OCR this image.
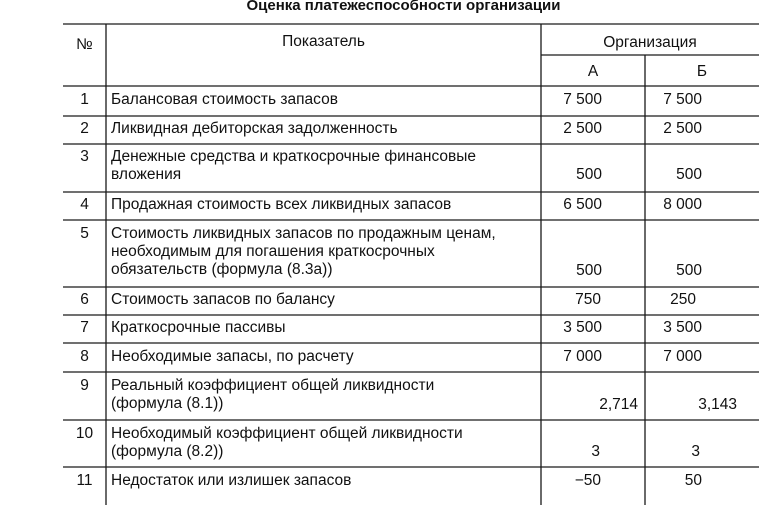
Оценка платежеспособности организации
№	Показатель	Организация
А	Б
1	Балансовая стоимость запасов	7 500	7 500
2	Ликвидная дебиторская задолженность	2 500	2 500
3	Денежные средства и краткосрочные финансовые
вложения	500	500
4	Продажная стоимость всех ликвидных запасов	6 500	8 000
5	Стоимость ликвидных запасов по продажным ценам,
необходимым для погашения краткосрочных
обязательств (формула (8.3а))	500	500
6	Стоимость запасов по балансу	750	250
7	Краткосрочные пассивы	3 500	3 500
8	Необходимые запасы, по расчету	7 000	7 000
9	Реальный коэффициент общей ликвидности
(формула (8.1))	2,714	3,143
10	Необходимый коэффициент общей ликвидности
(формула (8.2))	3	3
11	Недостаток или излишек запасов	−50	50
